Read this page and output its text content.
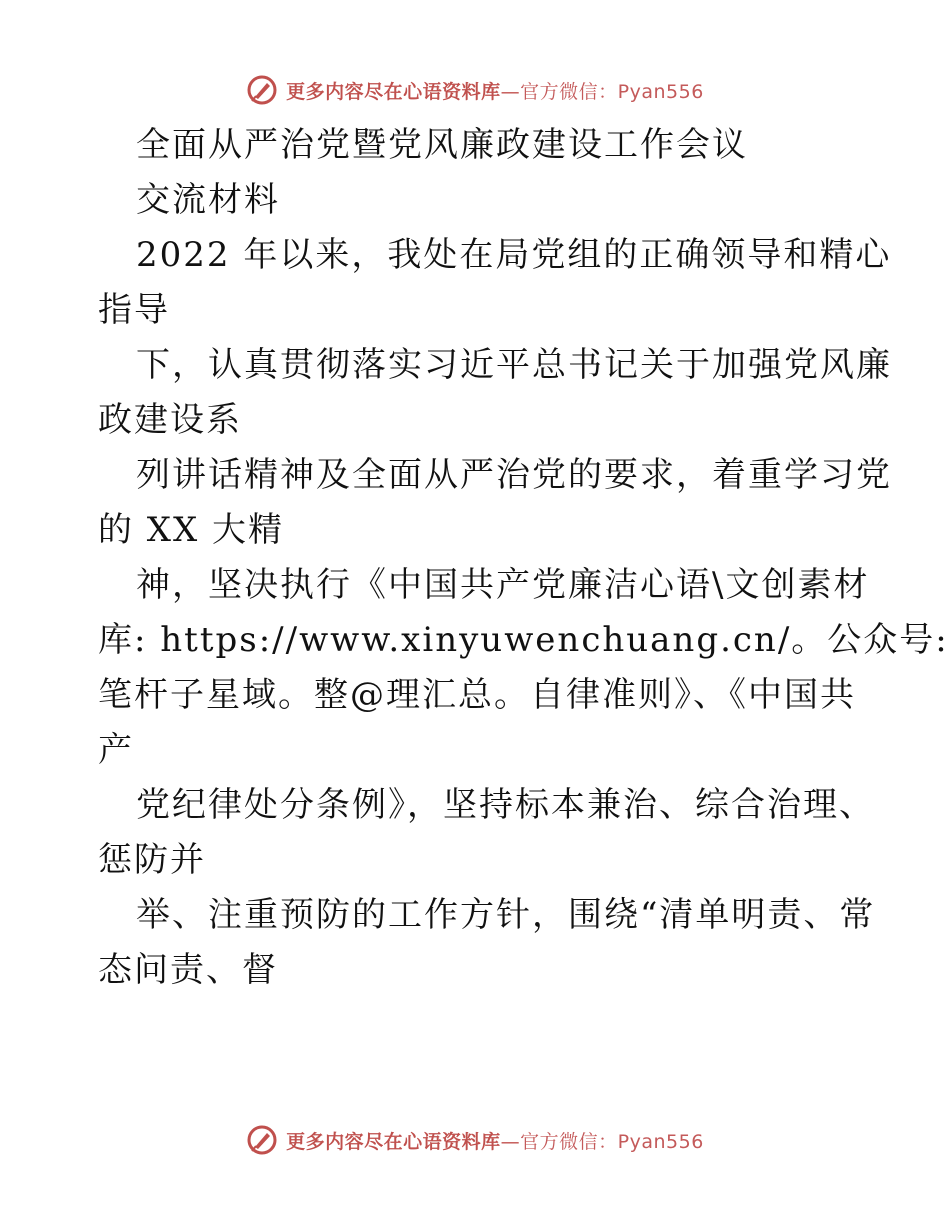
更多内容尽在心语资料库—官方微信：Pyan556
全面从严治党暨党风廉政建设工作会议
交流材料
2022 年以来，我处在局党组的正确领导和精心
指导
下，认真贯彻落实习近平总书记关于加强党风廉
政建设系
列讲话精神及全面从严治党的要求，着重学习党
的 XX 大精
神，坚决执行《中国共产党廉洁心语\文创素材
库: https://www.xinyuwenchuang.cn/。公众号:
笔杆子星域。整@理汇总。自律准则》、《中国共
产
党纪律处分条例》，坚持标本兼治、综合治理、
惩防并
举、注重预防的工作方针，围绕“清单明责、常
态问责、督
更多内容尽在心语资料库—官方微信：Pyan556
